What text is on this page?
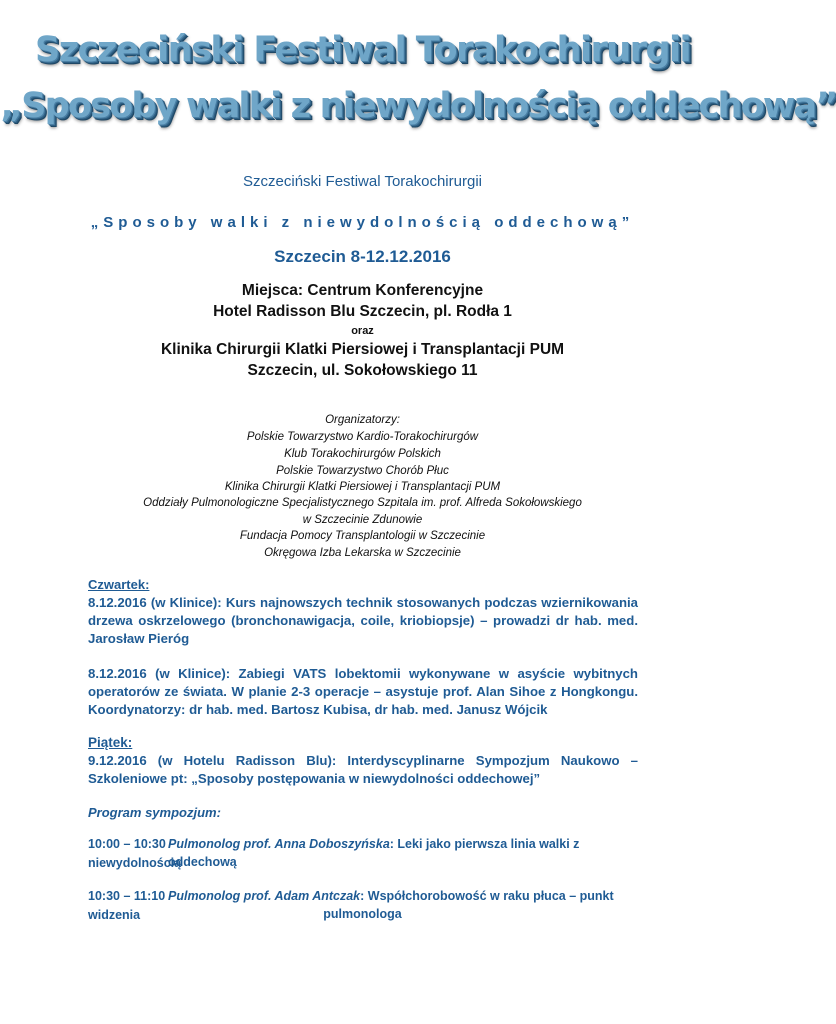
Szczeciński Festiwal Torakochirurgii
„Sposoby walki z niewydolnością oddechową”
Szczeciński Festiwal Torakochirurgii
„Sposoby walki z niewydolnością oddechową”
Szczecin 8-12.12.2016
Miejsca: Centrum Konferencyjne
Hotel Radisson Blu Szczecin, pl. Rodła 1
oraz
Klinika Chirurgii Klatki Piersiowej i Transplantacji PUM
Szczecin, ul. Sokołowskiego 11
Organizatorzy:
Polskie Towarzystwo Kardio-Torakochirurgów
Klub Torakochirurgów Polskich
Polskie Towarzystwo Chorób Płuc
Klinika Chirurgii Klatki Piersiowej i Transplantacji PUM
Oddziały Pulmonologiczne Specjalistycznego Szpitala im. prof. Alfreda Sokołowskiego
w Szczecinie Zdunowie
Fundacja Pomocy Transplantologii w Szczecinie
Okręgowa Izba Lekarska w Szczecinie
Czwartek:
8.12.2016 (w Klinice): Kurs najnowszych technik stosowanych podczas wziernikowania drzewa oskrzelowego (bronchonawigacja, coile, kriobiopsje) – prowadzi dr hab. med. Jarosław Pieróg
8.12.2016 (w Klinice): Zabiegi VATS lobektomii wykonywane w asyście wybitnych operatorów ze świata. W planie 2-3 operacje – asystuje prof. Alan Sihoe z Hongkongu. Koordynatorzy: dr hab. med. Bartosz Kubisa, dr hab. med. Janusz Wójcik
Piątek:
9.12.2016 (w Hotelu Radisson Blu): Interdyscyplinarne Sympozjum Naukowo – Szkoleniowe pt: „Sposoby postępowania w niewydolności oddechowej”
Program sympozjum:
10:00 – 10:30 Pulmonolog prof. Anna Doboszyńska: Leki jako pierwsza linia walki z niewydolnością
oddechową
10:30 – 11:10 Pulmonolog prof. Adam Antczak: Współchorobowość w raku płuca – punkt widzenia	pulmonologa
